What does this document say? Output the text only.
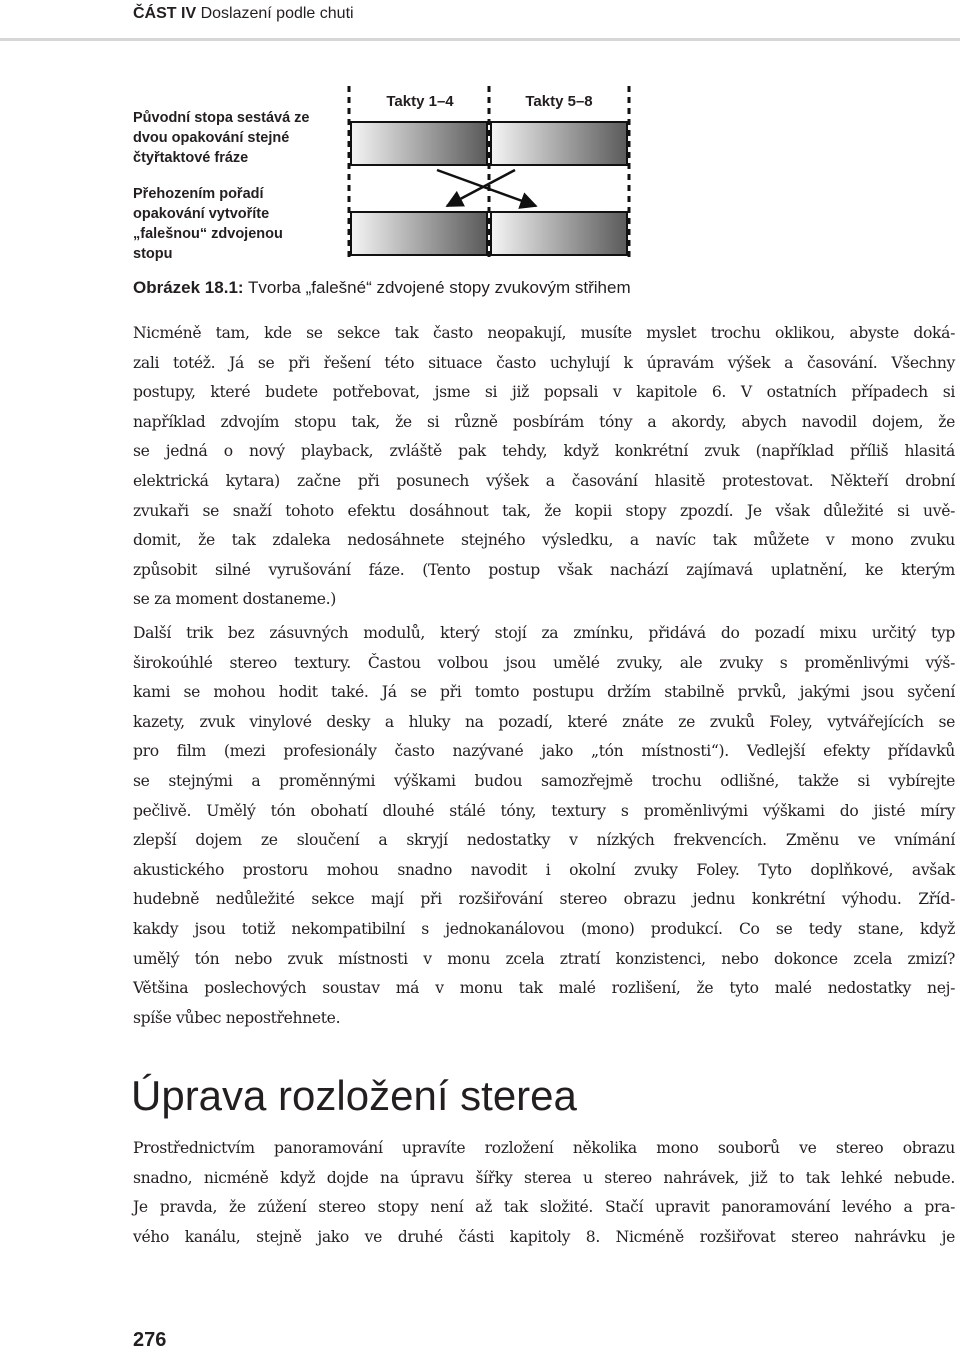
ČÁST IV Doslazení podle chuti
Původní stopa sestává ze
dvou opakování stejné
čtyřtaktové fráze
Přehozením pořadí
opakování vytvoříte
„falešnou“ zdvojenou
stopu
Takty 1–4	Takty 5–8
Obrázek 18.1: Tvorba „falešné“ zdvojené stopy zvukovým střihem
Nicméně tam, kde se sekce tak často neopakují, musíte myslet trochu oklikou, abyste doká-
zali totéž. Já se při řešení této situace často uchylují k úpravám výšek a časování. Všechny
postupy, které budete potřebovat, jsme si již popsali v kapitole 6. V ostatních případech si
například zdvojím stopu tak, že si různě posbírám tóny a akordy, abych navodil dojem, že
se jedná o nový playback, zvláště pak tehdy, když konkrétní zvuk (například příliš hlasitá
elektrická kytara) začne při posunech výšek a časování hlasitě protestovat. Někteří drobní
zvukaři se snaží tohoto efektu dosáhnout tak, že kopii stopy zpozdí. Je však důležité si uvě-
domit, že tak zdaleka nedosáhnete stejného výsledku, a navíc tak můžete v mono zvuku
způsobit silné vyrušování fáze. (Tento postup však nachází zajímavá uplatnění, ke kterým
se za moment dostaneme.)
Další trik bez zásuvných modulů, který stojí za zmínku, přidává do pozadí mixu určitý typ
širokoúhlé stereo textury. Častou volbou jsou umělé zvuky, ale zvuky s proměnlivými výš-
kami se mohou hodit také. Já se při tomto postupu držím stabilně prvků, jakými jsou syčení
kazety, zvuk vinylové desky a hluky na pozadí, které znáte ze zvuků Foley, vytvářejících se
pro film (mezi profesionály často nazývané jako „tón místnosti“). Vedlejší efekty přídavků
se stejnými a proměnnými výškami budou samozřejmě trochu odlišné, takže si vybírejte
pečlivě. Umělý tón obohatí dlouhé stálé tóny, textury s proměnlivými výškami do jisté míry
zlepší dojem ze sloučení a skryjí nedostatky v nízkých frekvencích. Změnu ve vnímání
akustického prostoru mohou snadno navodit i okolní zvuky Foley. Tyto doplňkové, avšak
hudebně nedůležité sekce mají při rozšiřování stereo obrazu jednu konkrétní výhodu. Zříd-
kakdy jsou totiž nekompatibilní s jednokanálovou (mono) produkcí. Co se tedy stane, když
umělý tón nebo zvuk místnosti v monu zcela ztratí konzistenci, nebo dokonce zcela zmizí?
Většina poslechových soustav má v monu tak malé rozlišení, že tyto malé nedostatky nej-
spíše vůbec nepostřehnete.
Úprava rozložení sterea
Prostřednictvím panoramování upravíte rozložení několika mono souborů ve stereo obrazu
snadno, nicméně když dojde na úpravu šířky sterea u stereo nahrávek, již to tak lehké nebude.
Je pravda, že zúžení stereo stopy není až tak složité. Stačí upravit panoramování levého a pra-
vého kanálu, stejně jako ve druhé části kapitoly 8. Nicméně rozšiřovat stereo nahrávku je
276
